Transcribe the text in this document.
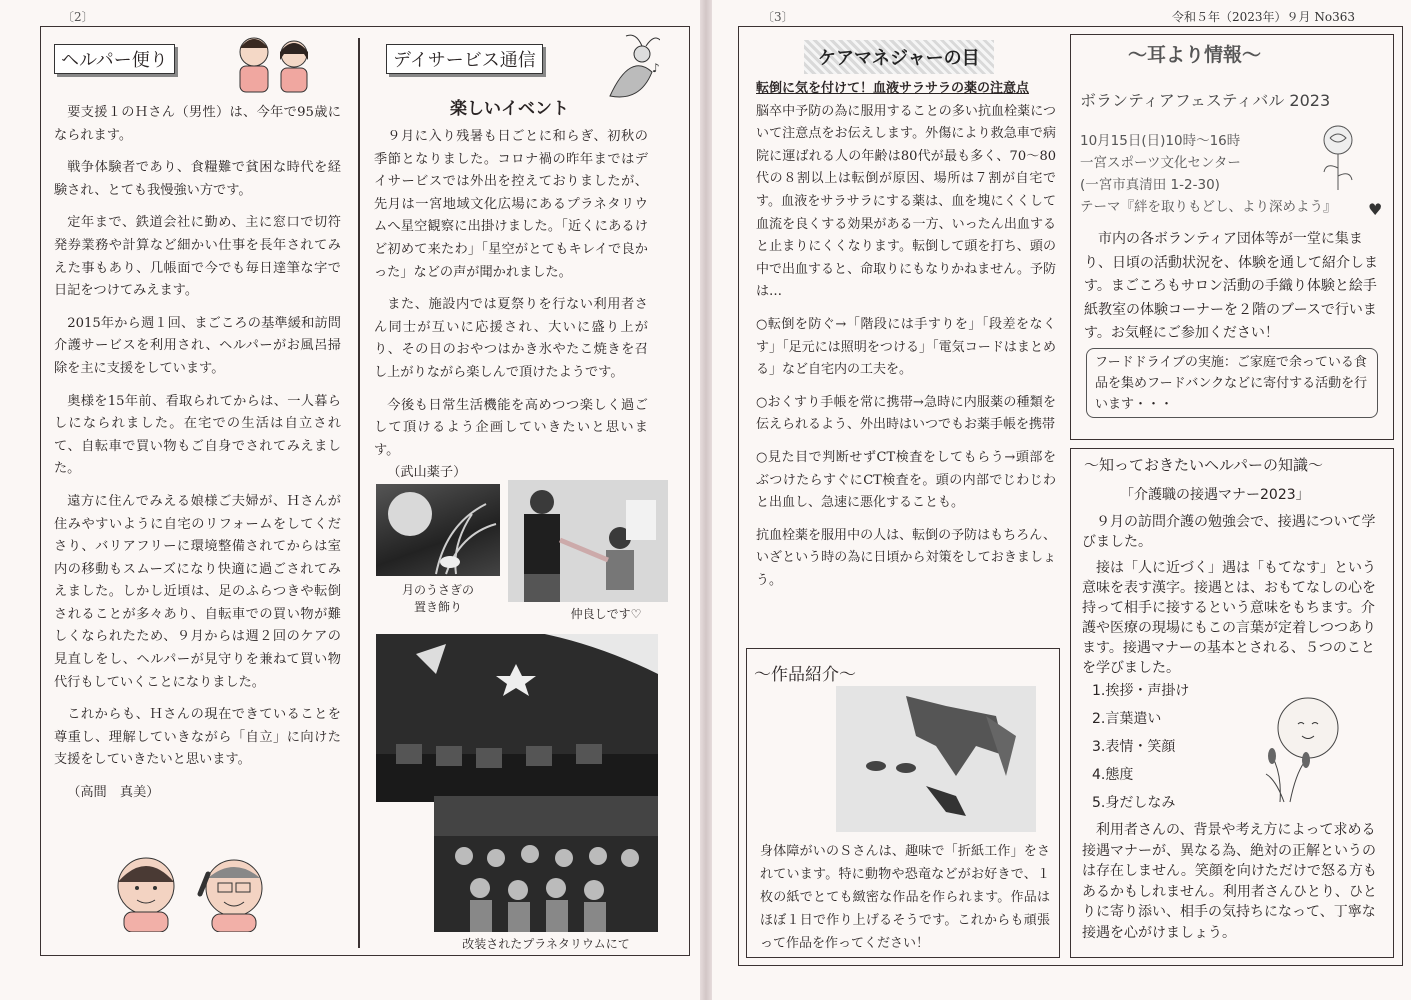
〔2〕
ヘルパー便り

要支援１のＨさん（男性）は、今年で95歳になられます。

戦争体験者であり、食糧難で貧困な時代を経験され、とても我慢強い方です。

定年まで、鉄道会社に勤め、主に窓口で切符発券業務や計算など細かい仕事を長年されてみえた事もあり、几帳面で今でも毎日達筆な字で日記をつけてみえます。

2015年から週１回、まごころの基準緩和訪問介護サービスを利用され、ヘルパーがお風呂掃除を主に支援をしています。

奥様を15年前、看取られてからは、一人暮らしになられました。在宅での生活は自立されて、自転車で買い物もご自身でされてみえました。

遠方に住んでみえる娘様ご夫婦が、Ｈさんが住みやすいように自宅のリフォームをしてくださり、バリアフリーに環境整備されてからは室内の移動もスムーズになり快適に過ごされてみえました。しかし近頃は、足のふらつきや転倒されることが多々あり、自転車での買い物が難しくなられたため、９月からは週２回のケアの見直しをし、ヘルパーが見守りを兼ねて買い物代行もしていくことになりました。

これからも、Ｈさんの現在できていることを尊重し、理解していきながら「自立」に向けた支援をしていきたいと思います。

（高間　真美）

デイサービス通信	♪
楽しいイベント

９月に入り残暑も日ごとに和らぎ、初秋の季節となりました。コロナ禍の昨年まではデイサービスでは外出を控えておりましたが、先月は一宮地域文化広場にあるプラネタリウムへ星空観察に出掛けました。「近くにあるけど初めて来たわ」「星空がとてもキレイで良かった」などの声が聞かれました。

また、施設内では夏祭りを行ない利用者さん同士が互いに応援され、大いに盛り上がり、その日のおやつはかき氷やたこ焼きを召し上がりながら楽しんで頂けたようです。

今後も日常生活機能を高めつつ楽しく過ごして頂けるよう企画していきたいと思います。

（武山薬子）

月のうさぎの
置き飾り	仲良しです♡
改装されたプラネタリウムにて
〔3〕	令和５年（2023年）９月 No363
ケアマネジャーの目

転倒に気を付けて！血液サラサラの薬の注意点

脳卒中予防の為に服用することの多い抗血栓薬について注意点をお伝えします。外傷により救急車で病院に運ばれる人の年齢は80代が最も多く、70～80代の８割以上は転倒が原因、場所は７割が自宅です。血液をサラサラにする薬は、血を塊にくくして血流を良くする効果がある一方、いったん出血すると止まりにくくなります。転倒して頭を打ち、頭の中で出血すると、命取りにもなりかねません。予防は…

○転倒を防ぐ→「階段には手すりを」「段差をなくす」「足元には照明をつける」「電気コードはまとめる」など自宅内の工夫を。

○おくすり手帳を常に携帯→急時に内服薬の種類を伝えられるよう、外出時はいつでもお薬手帳を携帯

○見た目で判断せずCT検査をしてもらう→頭部をぶつけたらすぐにCT検査を。頭の内部でじわじわと出血し、急速に悪化することも。

抗血栓薬を服用中の人は、転倒の予防はもちろん、いざという時の為に日頃から対策をしておきましょう。

～作品紹介～

身体障がいのＳさんは、趣味で「折紙工作」をされています。特に動物や恐竜などがお好きで、１枚の紙でとても緻密な作品を作られます。作品はほぼ１日で作り上げるそうです。これからも頑張って作品を作ってください！

～耳より情報～
ボランティアフェスティバル 2023

10月15日(日)10時～16時

一宮スポーツ文化センター

(一宮市真清田 1-2-30)

テーマ『絆を取りもどし、より深めよう』	♥

市内の各ボランティア団体等が一堂に集まり、日頃の活動状況を、体験を通して紹介します。まごころもサロン活動の手織り体験と絵手紙教室の体験コーナーを２階のブースで行います。お気軽にご参加ください！

フードドライブの実施：ご家庭で余っている食品を集めフードバンクなどに寄付する活動を行います・・・
～知っておきたいヘルパーの知識～
「介護職の接遇マナー2023」

９月の訪問介護の勉強会で、接遇について学びました。

接は「人に近づく」遇は「もてなす」という意味を表す漢字。接遇とは、おもてなしの心を持って相手に接するという意味をもちます。介護や医療の現場にもこの言葉が定着しつつあります。接遇マナーの基本とされる、５つのことを学びました。

1.挨拶・声掛け
2.言葉遣い
3.表情・笑顔
4.態度
5.身だしなみ

利用者さんの、背景や考え方によって求める接遇マナーが、異なる為、絶対の正解というのは存在しません。笑顔を向けただけで怒る方もあるかもしれません。利用者さんひとり、ひとりに寄り添い、相手の気持ちになって、丁寧な接遇を心がけましょう。
